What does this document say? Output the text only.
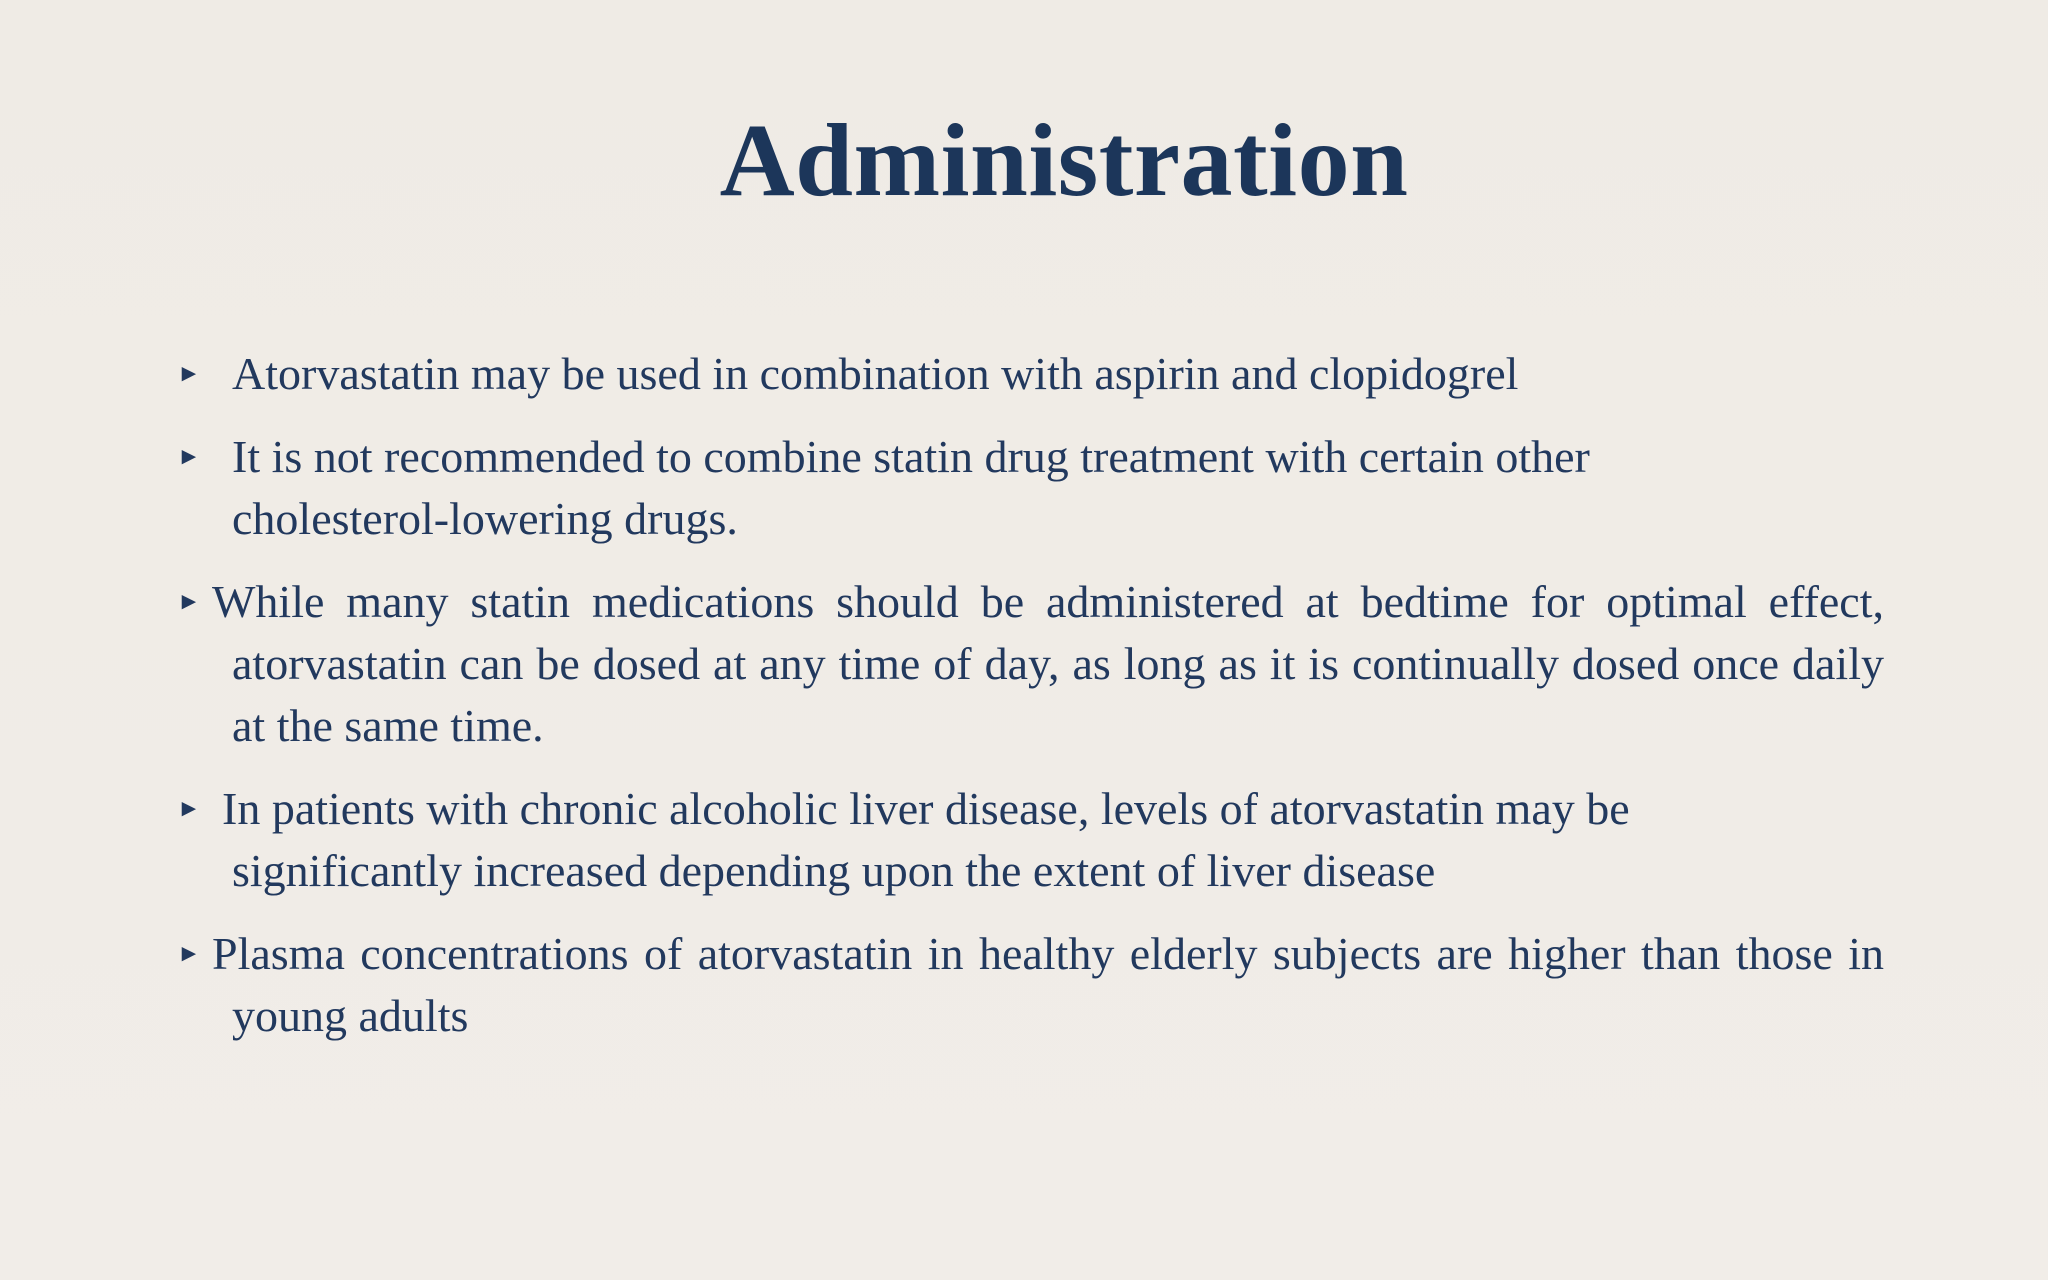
Administration
► Atorvastatin may be used in combination with aspirin and clopidogrel
► It is not recommended to combine statin drug treatment with certain other
cholesterol-lowering drugs.
► While many statin medications should be administered at bedtime for optimal effect, atorvastatin can be dosed at any time of day, as long as it is continually dosed once daily at the same time.
► In patients with chronic alcoholic liver disease, levels of atorvastatin may be
significantly increased depending upon the extent of liver disease
► Plasma concentrations of atorvastatin in healthy elderly subjects are higher than those in young adults
